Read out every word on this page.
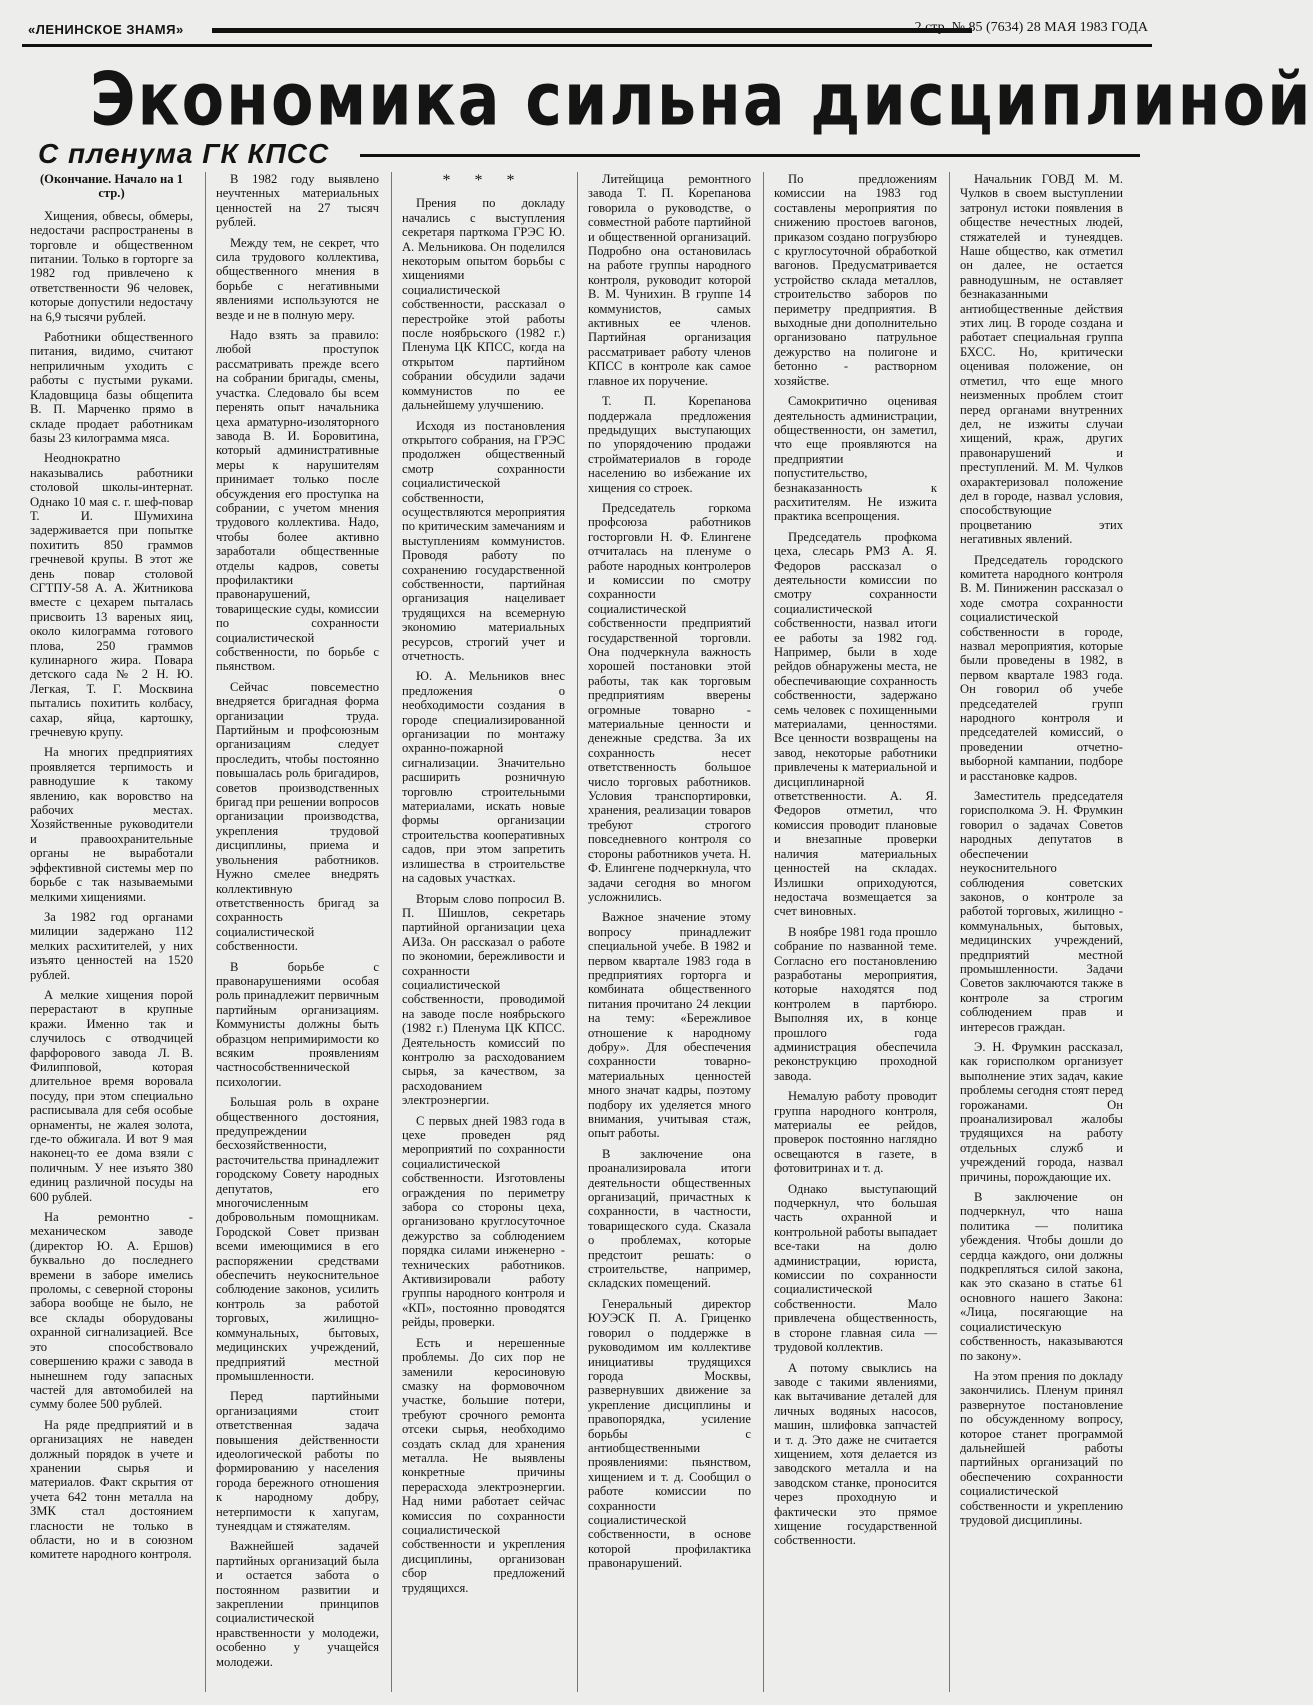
«ЛЕНИНСКОЕ ЗНАМЯ»	2 стр. № 85 (7634) 28 МАЯ 1983 ГОДА
Экономика сильна дисциплиной
С пленума ГК КПСС

(Окончание. Начало на 1 стр.)

Хищения, обвесы, обмеры, недостачи распространены в торговле и общественном питании. Только в горторге за 1982 год привлечено к ответственности 96 человек, которые допустили недостачу на 6,9 тысячи рублей.

Работники общественного питания, видимо, считают неприличным уходить с работы с пустыми руками. Кладовщица базы общепита В. П. Марченко прямо в складе продает работникам базы 23 килограмма мяса.

Неоднократно наказывались работники столовой школы-интернат. Однако 10 мая с. г. шеф-повар Т. И. Шумихина задерживается при попытке похитить 850 граммов гречневой крупы. В этот же день повар столовой СГТПУ-58 А. А. Житникова вместе с цехарем пыталась присвоить 13 вареных яиц, около килограмма готового плова, 250 граммов кулинарного жира. Повара детского сада № 2 Н. Ю. Легкая, Т. Г. Москвина пытались похитить колбасу, сахар, яйца, картошку, гречневую крупу.

На многих предприятиях проявляется терпимость и равнодушие к такому явлению, как воровство на рабочих местах. Хозяйственные руководители и правоохранительные органы не выработали эффективной системы мер по борьбе с так называемыми мелкими хищениями.

За 1982 год органами милиции задержано 112 мелких расхитителей, у них изъято ценностей на 1520 рублей.

А мелкие хищения порой перерастают в крупные кражи. Именно так и случилось с отводчицей фарфорового завода Л. В. Филипповой, которая длительное время воровала посуду, при этом специально расписывала для себя особые орнаменты, не жалея золота, где-то обжигала. И вот 9 мая наконец-то ее дома взяли с поличным. У нее изъято 380 единиц различной посуды на 600 рублей.

На ремонтно - механическом заводе (директор Ю. А. Ершов) буквально до последнего времени в заборе имелись проломы, с северной стороны забора вообще не было, не все склады оборудованы охранной сигнализацией. Все это способствовало совершению кражи с завода в нынешнем году запасных частей для автомобилей на сумму более 500 рублей.

На ряде предприятий и в организациях не наведен должный порядок в учете и хранении сырья и материалов. Факт скрытия от учета 642 тонн металла на ЗМК стал достоянием гласности не только в области, но и в союзном комитете народного контроля.

В 1982 году выявлено неучтенных материальных ценностей на 27 тысяч рублей.

Между тем, не секрет, что сила трудового коллектива, общественного мнения в борьбе с негативными явлениями используются не везде и не в полную меру.

Надо взять за правило: любой проступок рассматривать прежде всего на собрании бригады, смены, участка. Следовало бы всем перенять опыт начальника цеха арматурно-изоляторного завода В. И. Боровитина, который административные меры к нарушителям принимает только после обсуждения его проступка на собрании, с учетом мнения трудового коллектива. Надо, чтобы более активно заработали общественные отделы кадров, советы профилактики правонарушений, товарищеские суды, комиссии по сохранности социалистической собственности, по борьбе с пьянством.

Сейчас повсеместно внедряется бригадная форма организации труда. Партийным и профсоюзным организациям следует проследить, чтобы постоянно повышалась роль бригадиров, советов производственных бригад при решении вопросов организации производства, укрепления трудовой дисциплины, приема и увольнения работников. Нужно смелее внедрять коллективную ответственность бригад за сохранность социалистической собственности.

В борьбе с правонарушениями особая роль принадлежит первичным партийным организациям. Коммунисты должны быть образцом непримиримости ко всяким проявлениям частнособственнической психологии.

Большая роль в охране общественного достояния, предупреждении бесхозяйственности, расточительства принадлежит городскому Совету народных депутатов, его многочисленным добровольным помощникам. Городской Совет призван всеми имеющимися в его распоряжении средствами обеспечить неукоснительное соблюдение законов, усилить контроль за работой торговых, жилищно-коммунальных, бытовых, медицинских учреждений, предприятий местной промышленности.

Перед партийными организациями стоит ответственная задача повышения действенности идеологической работы по формированию у населения города бережного отношения к народному добру, нетерпимости к хапугам, тунеядцам и стяжателям.

Важнейшей задачей партийных организаций была и остается забота о постоянном развитии и закреплении принципов социалистической нравственности у молодежи, особенно у учащейся молодежи.

* * *

Прения по докладу начались с выступления секретаря парткома ГРЭС Ю. А. Мельникова. Он поделился некоторым опытом борьбы с хищениями социалистической собственности, рассказал о перестройке этой работы после ноябрьского (1982 г.) Пленума ЦК КПСС, когда на открытом партийном собрании обсудили задачи коммунистов по ее дальнейшему улучшению.

Исходя из постановления открытого собрания, на ГРЭС продолжен общественный смотр сохранности социалистической собственности, осуществляются мероприятия по критическим замечаниям и выступлениям коммунистов. Проводя работу по сохранению государственной собственности, партийная организация нацеливает трудящихся на всемерную экономию материальных ресурсов, строгий учет и отчетность.

Ю. А. Мельников внес предложения о необходимости создания в городе специализированной организации по монтажу охранно-пожарной сигнализации. Значительно расширить розничную торговлю строительными материалами, искать новые формы организации строительства кооперативных садов, при этом запретить излишества в строительстве на садовых участках.

Вторым слово попросил В. П. Шишлов, секретарь партийной организации цеха АИЗа. Он рассказал о работе по экономии, бережливости и сохранности социалистической собственности, проводимой на заводе после ноябрьского (1982 г.) Пленума ЦК КПСС. Деятельность комиссий по контролю за расходованием сырья, за качеством, за расходованием электроэнергии.

С первых дней 1983 года в цехе проведен ряд мероприятий по сохранности социалистической собственности. Изготовлены ограждения по периметру забора со стороны цеха, организовано круглосуточное дежурство за соблюдением порядка силами инженерно - технических работников. Активизировали работу группы народного контроля и «КП», постоянно проводятся рейды, проверки.

Есть и нерешенные проблемы. До сих пор не заменили керосиновую смазку на формовочном участке, большие потери, требуют срочного ремонта отсеки сырья, необходимо создать склад для хранения металла. Не выявлены конкретные причины перерасхода электроэнергии. Над ними работает сейчас комиссия по сохранности социалистической собственности и укрепления дисциплины, организован сбор предложений трудящихся.

Литейщица ремонтного завода Т. П. Корепанова говорила о руководстве, о совместной работе партийной и общественной организаций. Подробно она остановилась на работе группы народного контроля, руководит которой В. М. Чунихин. В группе 14 коммунистов, самых активных ее членов. Партийная организация рассматривает работу членов КПСС в контроле как самое главное их поручение.

Т. П. Корепанова поддержала предложения предыдущих выступающих по упорядочению продажи стройматериалов в городе населению во избежание их хищения со строек.

Председатель горкома профсоюза работников госторговли Н. Ф. Елингене отчиталась на пленуме о работе народных контролеров и комиссии по смотру сохранности социалистической собственности предприятий государственной торговли. Она подчеркнула важность хорошей постановки этой работы, так как торговым предприятиям вверены огромные товарно - материальные ценности и денежные средства. За их сохранность несет ответственность большое число торговых работников. Условия транспортировки, хранения, реализации товаров требуют строгого повседневного контроля со стороны работников учета. Н. Ф. Елингене подчеркнула, что задачи сегодня во многом усложнились.

Важное значение этому вопросу принадлежит специальной учебе. В 1982 и первом квартале 1983 года в предприятиях горторга и комбината общественного питания прочитано 24 лекции на тему: «Бережливое отношение к народному добру». Для обеспечения сохранности товарно-материальных ценностей много значат кадры, поэтому подбору их уделяется много внимания, учитывая стаж, опыт работы.

В заключение она проанализировала итоги деятельности общественных организаций, причастных к сохранности, в частности, товарищеского суда. Сказала о проблемах, которые предстоит решать: о строительстве, например, складских помещений.

Генеральный директор ЮУЭСК П. А. Гриценко говорил о поддержке в руководимом им коллективе инициативы трудящихся города Москвы, развернувших движение за укрепление дисциплины и правопорядка, усиление борьбы с антиобщественными проявлениями: пьянством, хищением и т. д. Сообщил о работе комиссии по сохранности социалистической собственности, в основе которой профилактика правонарушений.

По предложениям комиссии на 1983 год составлены мероприятия по снижению простоев вагонов, приказом создано погрузбюро с круглосуточной обработкой вагонов. Предусматривается устройство склада металлов, строительство заборов по периметру предприятия. В выходные дни дополнительно организовано патрульное дежурство на полигоне и бетонно - растворном хозяйстве.

Самокритично оценивая деятельность администрации, общественности, он заметил, что еще проявляются на предприятии попустительство, безнаказанность к расхитителям. Не изжита практика всепрощения.

Председатель профкома цеха, слесарь РМЗ А. Я. Федоров рассказал о деятельности комиссии по смотру сохранности социалистической собственности, назвал итоги ее работы за 1982 год. Например, были в ходе рейдов обнаружены места, не обеспечивающие сохранность собственности, задержано семь человек с похищенными материалами, ценностями. Все ценности возвращены на завод, некоторые работники привлечены к материальной и дисциплинарной ответственности. А. Я. Федоров отметил, что комиссия проводит плановые и внезапные проверки наличия материальных ценностей на складах. Излишки оприходуются, недостача возмещается за счет виновных.

В ноябре 1981 года прошло собрание по названной теме. Согласно его постановлению разработаны мероприятия, которые находятся под контролем в партбюро. Выполняя их, в конце прошлого года администрация обеспечила реконструкцию проходной завода.

Немалую работу проводит группа народного контроля, материалы ее рейдов, проверок постоянно наглядно освещаются в газете, в фотовитринах и т. д.

Однако выступающий подчеркнул, что большая часть охранной и контрольной работы выпадает все-таки на долю администрации, юриста, комиссии по сохранности социалистической собственности. Мало привлечена общественность, в стороне главная сила — трудовой коллектив.

А потому свыклись на заводе с такими явлениями, как вытачивание деталей для личных водяных насосов, машин, шлифовка запчастей и т. д. Это даже не считается хищением, хотя делается из заводского металла и на заводском станке, проносится через проходную и фактически это прямое хищение государственной собственности.

Начальник ГОВД М. М. Чулков в своем выступлении затронул истоки появления в обществе нечестных людей, стяжателей и тунеядцев. Наше общество, как отметил он далее, не остается равнодушным, не оставляет безнаказанными антиобщественные действия этих лиц. В городе создана и работает специальная группа БХСС. Но, критически оценивая положение, он отметил, что еще много неизменных проблем стоит перед органами внутренних дел, не изжиты случаи хищений, краж, других правонарушений и преступлений. М. М. Чулков охарактеризовал положение дел в городе, назвал условия, способствующие процветанию этих негативных явлений.

Председатель городского комитета народного контроля В. М. Пиниженин рассказал о ходе смотра сохранности социалистической собственности в городе, назвал мероприятия, которые были проведены в 1982, в первом квартале 1983 года. Он говорил об учебе председателей групп народного контроля и председателей комиссий, о проведении отчетно-выборной кампании, подборе и расстановке кадров.

Заместитель председателя горисполкома Э. Н. Фрумкин говорил о задачах Советов народных депутатов в обеспечении неукоснительного соблюдения советских законов, о контроле за работой торговых, жилищно - коммунальных, бытовых, медицинских учреждений, предприятий местной промышленности. Задачи Советов заключаются также в контроле за строгим соблюдением прав и интересов граждан.

Э. Н. Фрумкин рассказал, как горисполком организует выполнение этих задач, какие проблемы сегодня стоят перед горожанами. Он проанализировал жалобы трудящихся на работу отдельных служб и учреждений города, назвал причины, порождающие их.

В заключение он подчеркнул, что наша политика — политика убеждения. Чтобы дошли до сердца каждого, они должны подкрепляться силой закона, как это сказано в статье 61 основного нашего Закона: «Лица, посягающие на социалистическую собственность, наказываются по закону».

На этом прения по докладу закончились. Пленум принял развернутое постановление по обсужденному вопросу, которое станет программой дальнейшей работы партийных организаций по обеспечению сохранности социалистической собственности и укреплению трудовой дисциплины.
